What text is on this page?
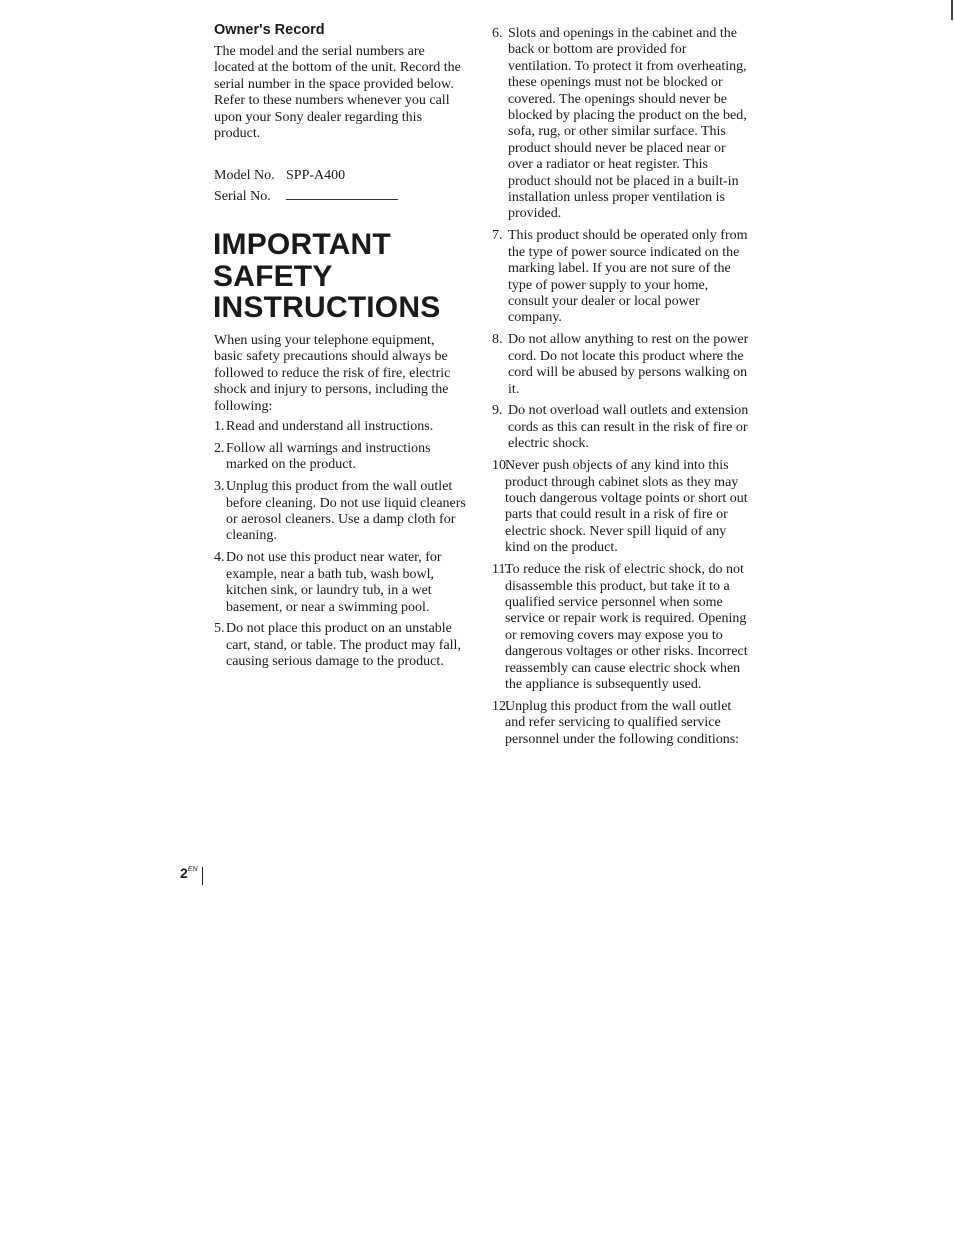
Owner's Record

The model and the serial numbers are located at the bottom of the unit. Record the serial number in the space provided below. Refer to these numbers whenever you call upon your Sony dealer regarding this product.

Model No. SPP-A400
Serial No.
IMPORTANT
SAFETY
INSTRUCTIONS

When using your telephone equipment, basic safety precautions should always be followed to reduce the risk of fire, electric shock and injury to persons, including the following:

1. Read and understand all instructions.
2. Follow all warnings and instructions marked on the product.
3. Unplug this product from the wall outlet before cleaning. Do not use liquid cleaners or aerosol cleaners. Use a damp cloth for cleaning.
4. Do not use this product near water, for example, near a bath tub, wash bowl, kitchen sink, or laundry tub, in a wet basement, or near a swimming pool.
5. Do not place this product on an unstable cart, stand, or table. The product may fall, causing serious damage to the product.
6. Slots and openings in the cabinet and the back or bottom are provided for ventilation. To protect it from overheating, these openings must not be blocked or covered. The openings should never be blocked by placing the product on the bed, sofa, rug, or other similar surface. This product should never be placed near or over a radiator or heat register. This product should not be placed in a built-in installation unless proper ventilation is provided.
7. This product should be operated only from the type of power source indicated on the marking label. If you are not sure of the type of power supply to your home, consult your dealer or local power company.
8. Do not allow anything to rest on the power cord. Do not locate this product where the cord will be abused by persons walking on it.
9. Do not overload wall outlets and extension cords as this can result in the risk of fire or electric shock.
10.
Never push objects of any kind into this product through cabinet slots as they may touch dangerous voltage points or short out parts that could result in a risk of fire or electric shock. Never spill liquid of any kind on the product.
11.
To reduce the risk of electric shock, do not disassemble this product, but take it to a qualified service personnel when some service or repair work is required. Opening or removing covers may expose you to dangerous voltages or other risks. Incorrect reassembly can cause electric shock when the appliance is subsequently used.
12.
Unplug this product from the wall outlet and refer servicing to qualified service personnel under the following conditions:
$2^{EN}$
